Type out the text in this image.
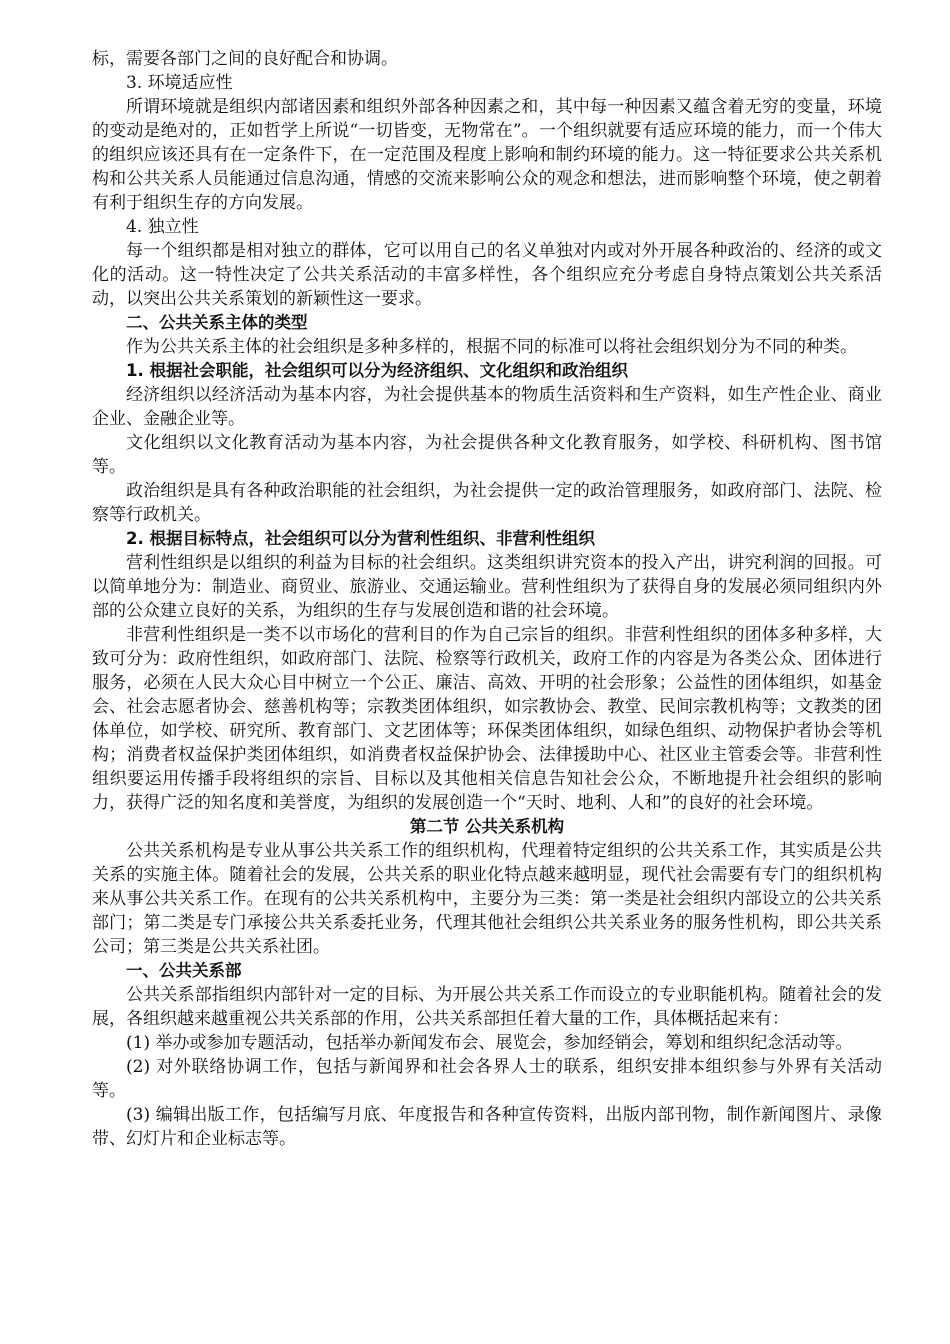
标，需要各部门之间的良好配合和协调。

3. 环境适应性

所谓环境就是组织内部诸因素和组织外部各种因素之和，其中每一种因素又蕴含着无穷的变量，环境的变动是绝对的，正如哲学上所说“一切皆变，无物常在”。一个组织就要有适应环境的能力，而一个伟大的组织应该还具有在一定条件下，在一定范围及程度上影响和制约环境的能力。这一特征要求公共关系机构和公共关系人员能通过信息沟通，情感的交流来影响公众的观念和想法，进而影响整个环境，使之朝着有利于组织生存的方向发展。

4. 独立性

每一个组织都是相对独立的群体，它可以用自己的名义单独对内或对外开展各种政治的、经济的或文化的活动。这一特性决定了公共关系活动的丰富多样性，各个组织应充分考虑自身特点策划公共关系活动，以突出公共关系策划的新颖性这一要求。

二、公共关系主体的类型

作为公共关系主体的社会组织是多种多样的，根据不同的标准可以将社会组织划分为不同的种类。

1. 根据社会职能，社会组织可以分为经济组织、文化组织和政治组织

经济组织以经济活动为基本内容，为社会提供基本的物质生活资料和生产资料，如生产性企业、商业企业、金融企业等。

文化组织以文化教育活动为基本内容，为社会提供各种文化教育服务，如学校、科研机构、图书馆等。

政治组织是具有各种政治职能的社会组织，为社会提供一定的政治管理服务，如政府部门、法院、检察等行政机关。

2. 根据目标特点，社会组织可以分为营利性组织、非营利性组织

营利性组织是以组织的利益为目标的社会组织。这类组织讲究资本的投入产出，讲究利润的回报。可以简单地分为：制造业、商贸业、旅游业、交通运输业。营利性组织为了获得自身的发展必须同组织内外部的公众建立良好的关系，为组织的生存与发展创造和谐的社会环境。

非营利性组织是一类不以市场化的营利目的作为自己宗旨的组织。非营利性组织的团体多种多样，大致可分为：政府性组织，如政府部门、法院、检察等行政机关，政府工作的内容是为各类公众、团体进行服务，必须在人民大众心目中树立一个公正、廉洁、高效、开明的社会形象；公益性的团体组织，如基金会、社会志愿者协会、慈善机构等；宗教类团体组织，如宗教协会、教堂、民间宗教机构等；文教类的团体单位，如学校、研究所、教育部门、文艺团体等；环保类团体组织，如绿色组织、动物保护者协会等机构；消费者权益保护类团体组织，如消费者权益保护协会、法律援助中心、社区业主管委会等。非营利性组织要运用传播手段将组织的宗旨、目标以及其他相关信息告知社会公众，不断地提升社会组织的影响力，获得广泛的知名度和美誉度，为组织的发展创造一个“天时、地利、人和”的良好的社会环境。

第二节 公共关系机构

公共关系机构是专业从事公共关系工作的组织机构，代理着特定组织的公共关系工作，其实质是公共关系的实施主体。随着社会的发展，公共关系的职业化特点越来越明显，现代社会需要有专门的组织机构来从事公共关系工作。在现有的公共关系机构中，主要分为三类：第一类是社会组织内部设立的公共关系部门；第二类是专门承接公共关系委托业务，代理其他社会组织公共关系业务的服务性机构，即公共关系公司；第三类是公共关系社团。

一、公共关系部

公共关系部指组织内部针对一定的目标、为开展公共关系工作而设立的专业职能机构。随着社会的发展，各组织越来越重视公共关系部的作用，公共关系部担任着大量的工作，具体概括起来有：

(1) 举办或参加专题活动，包括举办新闻发布会、展览会，参加经销会，筹划和组织纪念活动等。

(2) 对外联络协调工作，包括与新闻界和社会各界人士的联系，组织安排本组织参与外界有关活动等。

(3) 编辑出版工作，包括编写月底、年度报告和各种宣传资料，出版内部刊物，制作新闻图片、录像带、幻灯片和企业标志等。
